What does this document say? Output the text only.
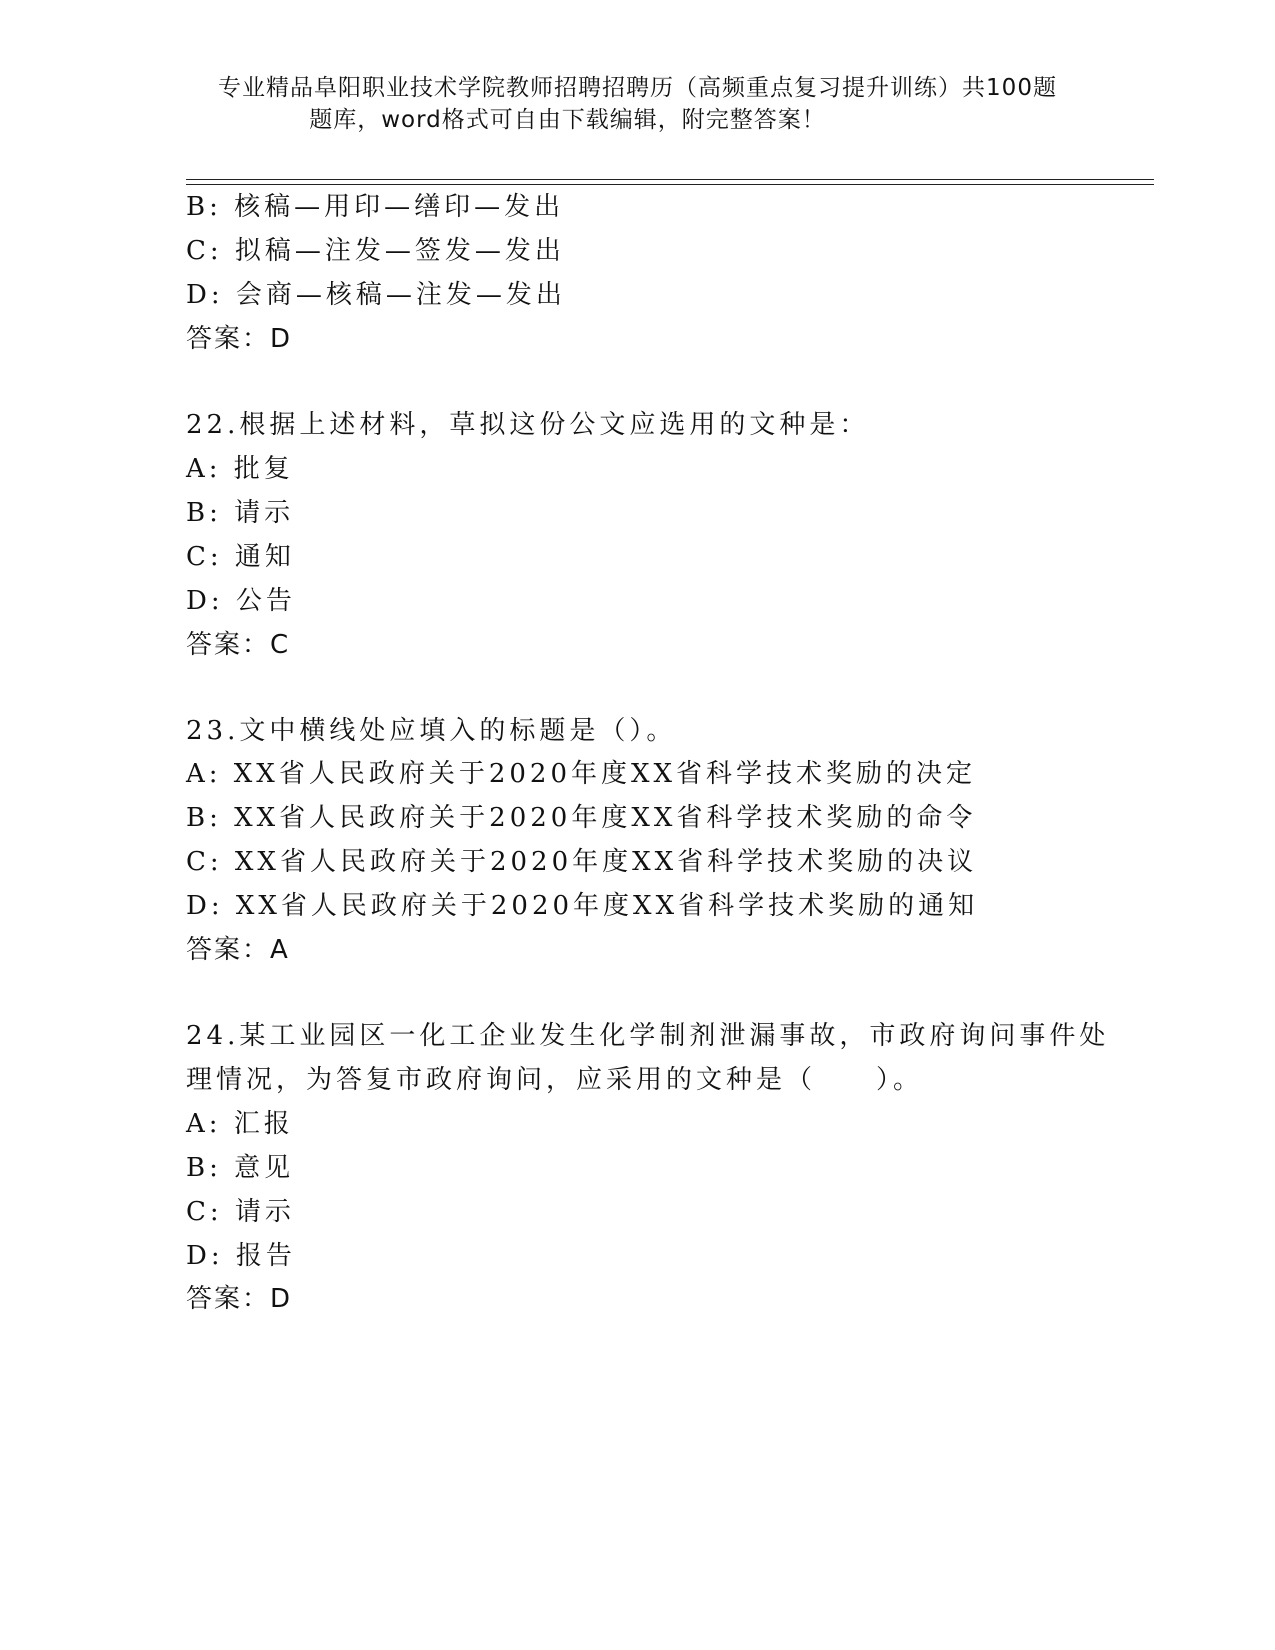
专业精品阜阳职业技术学院教师招聘招聘历（高频重点复习提升训练）共100题
题库，word格式可自由下载编辑，附完整答案！
B: 核稿—用印—缮印—发出
C: 拟稿—注发—签发—发出
D: 会商—核稿—注发—发出
答案：D
22.根据上述材料，草拟这份公文应选用的文种是：
A: 批复
B: 请示
C: 通知
D: 公告
答案：C
23.文中横线处应填入的标题是（）。
A: XX省人民政府关于2020年度XX省科学技术奖励的决定
B: XX省人民政府关于2020年度XX省科学技术奖励的命令
C: XX省人民政府关于2020年度XX省科学技术奖励的决议
D: XX省人民政府关于2020年度XX省科学技术奖励的通知
答案：A
24.某工业园区一化工企业发生化学制剂泄漏事故，市政府询问事件处
理情况，为答复市政府询问，应采用的文种是（　　）。
A: 汇报
B: 意见
C: 请示
D: 报告
答案：D
